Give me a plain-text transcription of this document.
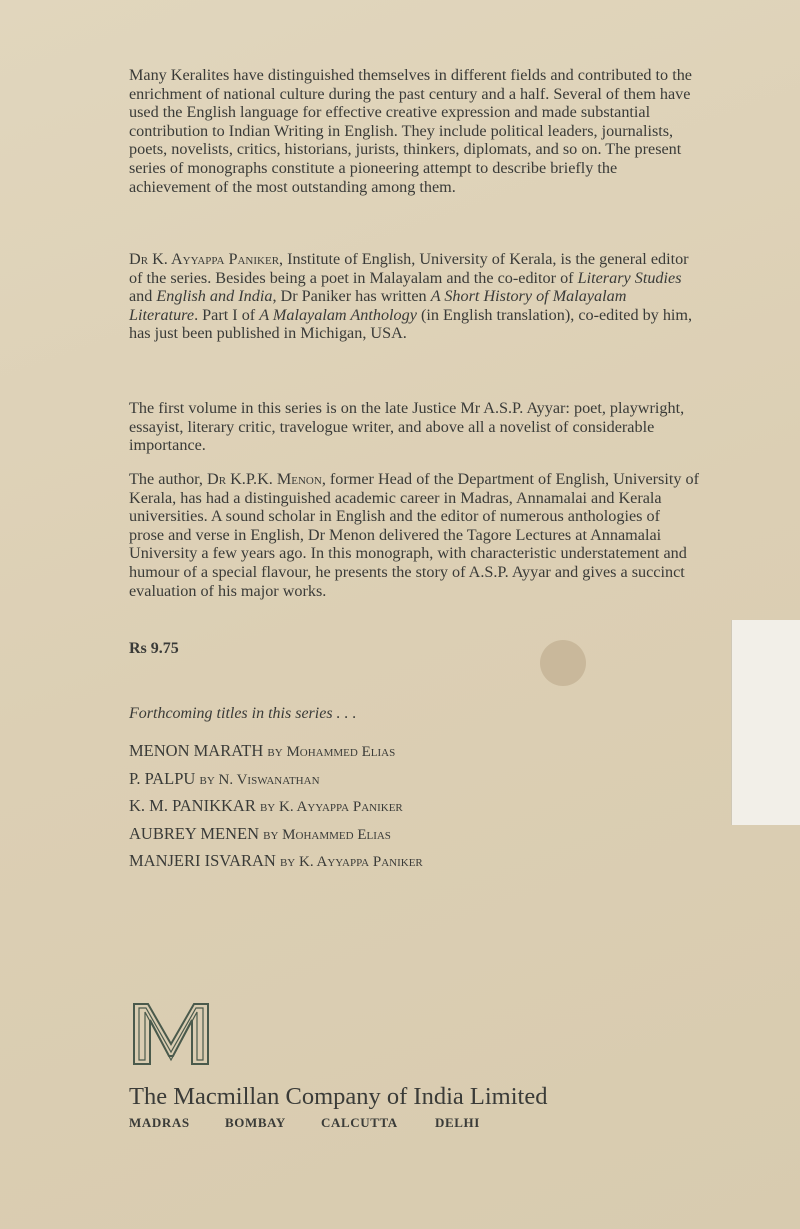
Many Keralites have distinguished themselves in different fields and contributed to the enrichment of national culture during the past century and a half. Several of them have used the English language for effective creative expression and made substantial contribution to Indian Writing in English. They include political leaders, journalists, poets, novelists, critics, historians, jurists, thinkers, diplomats, and so on. The present series of monographs constitute a pioneering attempt to describe briefly the achievement of the most outstanding among them.

Dr K. Ayyappa Paniker, Institute of English, University of Kerala, is the general editor of the series. Besides being a poet in Malayalam and the co-editor of Literary Studies and English and India, Dr Paniker has written A Short History of Malayalam Literature. Part I of A Malayalam Anthology (in English translation), co-edited by him, has just been published in Michigan, USA.

The first volume in this series is on the late Justice Mr A.S.P. Ayyar: poet, playwright, essayist, literary critic, travelogue writer, and above all a novelist of considerable importance.

The author, Dr K.P.K. Menon, former Head of the Department of English, University of Kerala, has had a distinguished academic career in Madras, Annamalai and Kerala universities. A sound scholar in English and the editor of numerous anthologies of prose and verse in English, Dr Menon delivered the Tagore Lectures at Annamalai University a few years ago. In this monograph, with characteristic understatement and humour of a special flavour, he presents the story of A.S.P. Ayyar and gives a succinct evaluation of his major works.

Rs 9.75
Forthcoming titles in this series . . .
MENON MARATH by Mohammed Elias
P. PALPU by N. Viswanathan
K. M. PANIKKAR by K. Ayyappa Paniker
AUBREY MENEN by Mohammed Elias
MANJERI ISVARAN by K. Ayyappa Paniker
The Macmillan Company of India Limited
MADRAS	BOMBAY	CALCUTTA	DELHI
